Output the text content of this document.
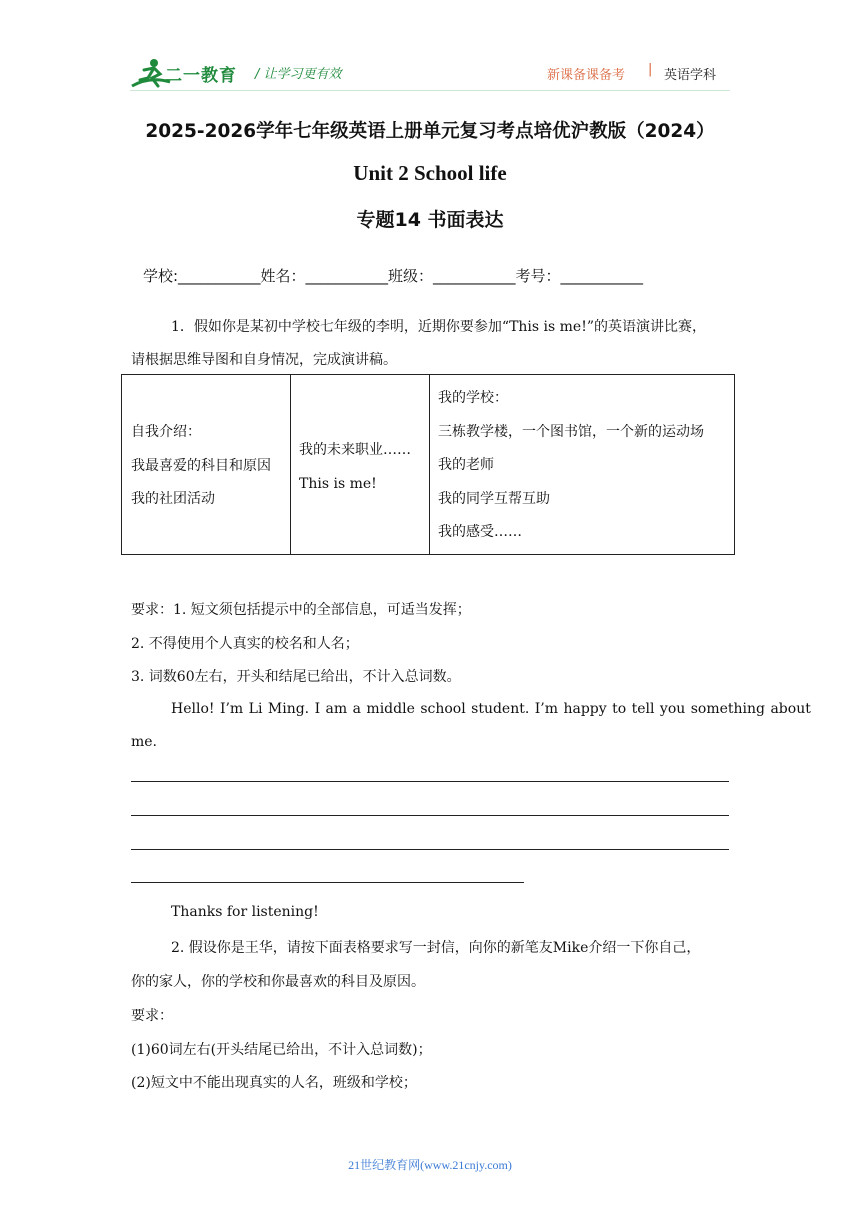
二一教育 / 让学习更有效	新课备课备考 | 英语学科
2025-2026学年七年级英语上册单元复习考点培优沪教版（2024）
Unit 2 School life
专题14 书面表达
学校:___________姓名：___________班级：___________考号：___________
1．假如你是某初中学校七年级的李明，近期你要参加“This is me!”的英语演讲比赛，
请根据思维导图和自身情况，完成演讲稿。
自我介绍：
我最喜爱的科目和原因
我的社团活动
我的未来职业……
This is me!
我的学校：
三栋教学楼，一个图书馆，一个新的运动场
我的老师
我的同学互帮互助
我的感受……
要求：1. 短文须包括提示中的全部信息，可适当发挥；
2. 不得使用个人真实的校名和人名；
3. 词数60左右，开头和结尾已给出，不计入总词数。
Hello! I’m Li Ming. I am a middle school student. I’m happy to tell you something about
me.
Thanks for listening!
2. 假设你是王华，请按下面表格要求写一封信，向你的新笔友Mike介绍一下你自己，
你的家人，你的学校和你最喜欢的科目及原因。
要求：
(1)60词左右(开头结尾已给出，不计入总词数)；
(2)短文中不能出现真实的人名，班级和学校；
21世纪教育网(www.21cnjy.com)
